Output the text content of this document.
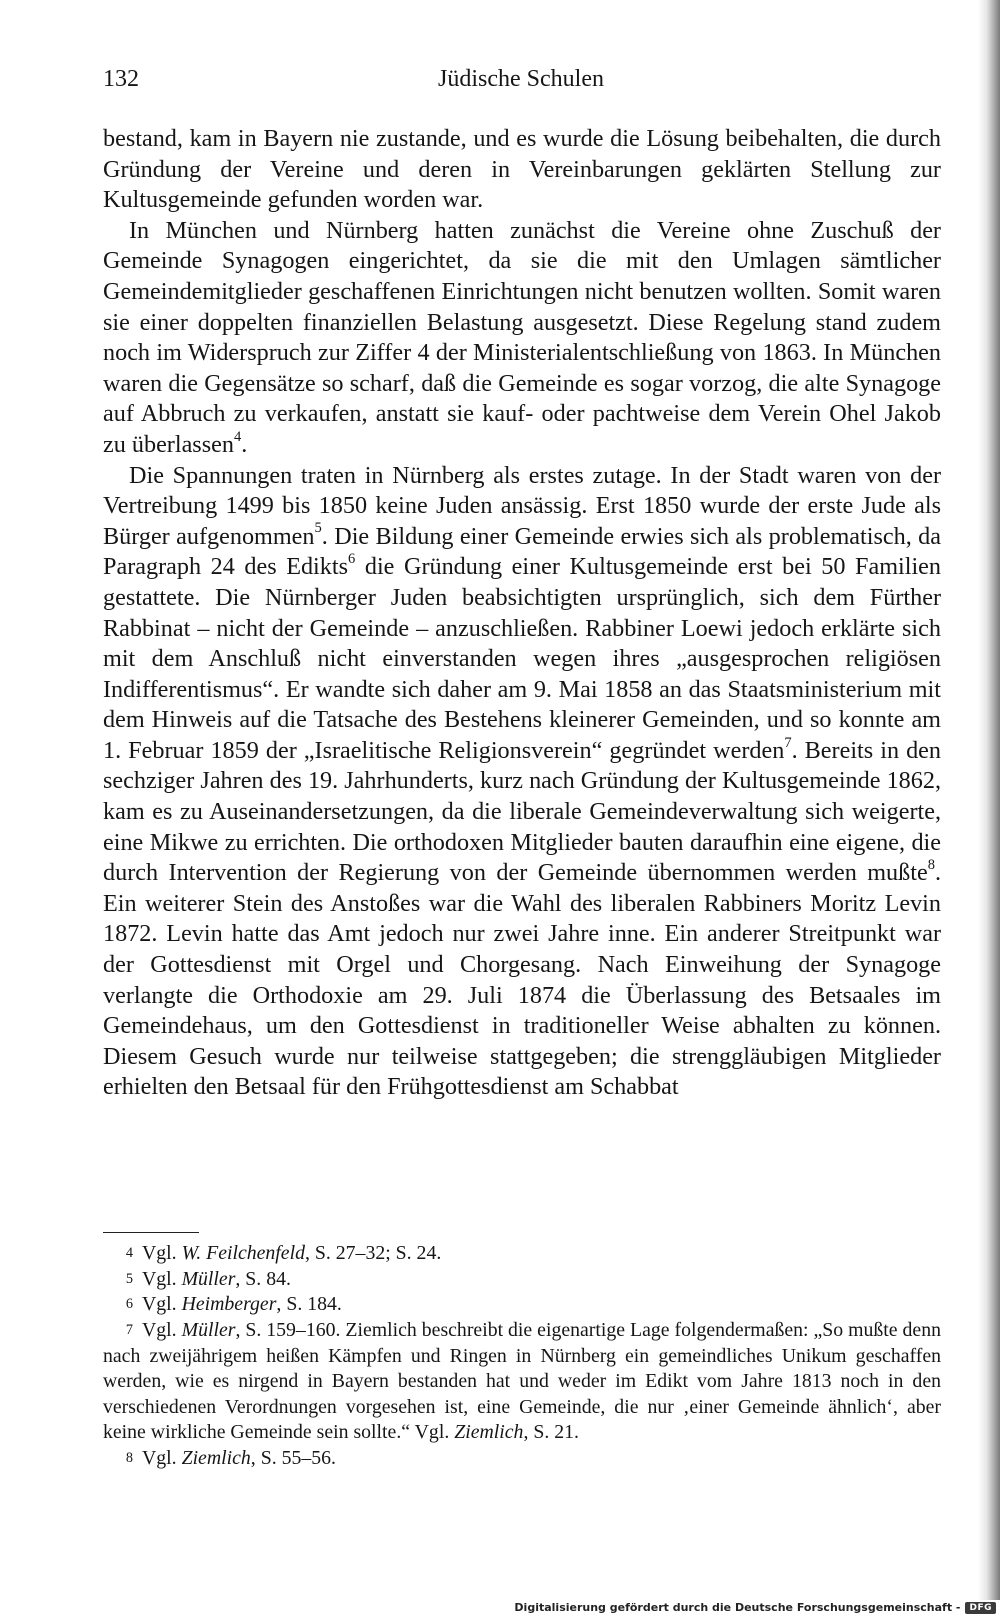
132	Jüdische Schulen

bestand, kam in Bayern nie zustande, und es wurde die Lösung beibehalten, die durch Gründung der Vereine und deren in Vereinbarungen geklärten Stellung zur Kultusgemeinde gefunden worden war.

In München und Nürnberg hatten zunächst die Vereine ohne Zuschuß der Gemeinde Synagogen eingerichtet, da sie die mit den Umlagen sämtlicher Gemeindemitglieder geschaffenen Einrichtungen nicht benutzen wollten. Somit waren sie einer doppelten finanziellen Belastung ausgesetzt. Diese Regelung stand zudem noch im Widerspruch zur Ziffer 4 der Ministerialentschließung von 1863. In München waren die Gegensätze so scharf, daß die Gemeinde es sogar vorzog, die alte Synagoge auf Abbruch zu verkaufen, anstatt sie kauf- oder pachtweise dem Verein Ohel Jakob zu überlassen$^4$.

Die Spannungen traten in Nürnberg als erstes zutage. In der Stadt waren von der Vertreibung 1499 bis 1850 keine Juden ansässig. Erst 1850 wurde der erste Jude als Bürger aufgenommen$^5$. Die Bildung einer Gemeinde erwies sich als problematisch, da Paragraph 24 des Edikts$^6$ die Gründung einer Kultusgemeinde erst bei 50 Familien gestattete. Die Nürnberger Juden beabsichtigten ursprünglich, sich dem Fürther Rabbinat – nicht der Gemeinde – anzuschließen. Rabbiner Loewi jedoch erklärte sich mit dem Anschluß nicht einverstanden wegen ihres „ausgesprochen religiösen Indifferentismus“. Er wandte sich daher am 9. Mai 1858 an das Staatsministerium mit dem Hinweis auf die Tatsache des Bestehens kleinerer Gemeinden, und so konnte am 1. Februar 1859 der „Israelitische Religionsverein“ gegründet werden$^7$. Bereits in den sechziger Jahren des 19. Jahrhunderts, kurz nach Gründung der Kultusgemeinde 1862, kam es zu Auseinandersetzungen, da die liberale Gemeindeverwaltung sich weigerte, eine Mikwe zu errichten. Die orthodoxen Mitglieder bauten daraufhin eine eigene, die durch Intervention der Regierung von der Gemeinde übernommen werden mußte$^8$. Ein weiterer Stein des Anstoßes war die Wahl des liberalen Rabbiners Moritz Levin 1872. Levin hatte das Amt jedoch nur zwei Jahre inne. Ein anderer Streitpunkt war der Gottesdienst mit Orgel und Chorgesang. Nach Einweihung der Synagoge verlangte die Orthodoxie am 29. Juli 1874 die Überlassung des Betsaales im Gemeindehaus, um den Gottesdienst in traditioneller Weise abhalten zu können. Diesem Gesuch wurde nur teilweise stattgegeben; die strenggläubigen Mitglieder erhielten den Betsaal für den Frühgottesdienst am Schabbat

4 Vgl. W. Feilchenfeld, S. 27–32; S. 24.

5 Vgl. Müller, S. 84.

6 Vgl. Heimberger, S. 184.

7 Vgl. Müller, S. 159–160. Ziemlich beschreibt die eigenartige Lage folgendermaßen: „So mußte denn nach zweijährigem heißen Kämpfen und Ringen in Nürnberg ein gemeindliches Unikum geschaffen werden, wie es nirgend in Bayern bestanden hat und weder im Edikt vom Jahre 1813 noch in den verschiedenen Verordnungen vorgesehen ist, eine Gemeinde, die nur ‚einer Gemeinde ähnlich‘, aber keine wirkliche Gemeinde sein sollte.“ Vgl. Ziemlich, S. 21.

8 Vgl. Ziemlich, S. 55–56.

Digitalisierung gefördert durch die Deutsche Forschungsgemeinschaft -	DFG
